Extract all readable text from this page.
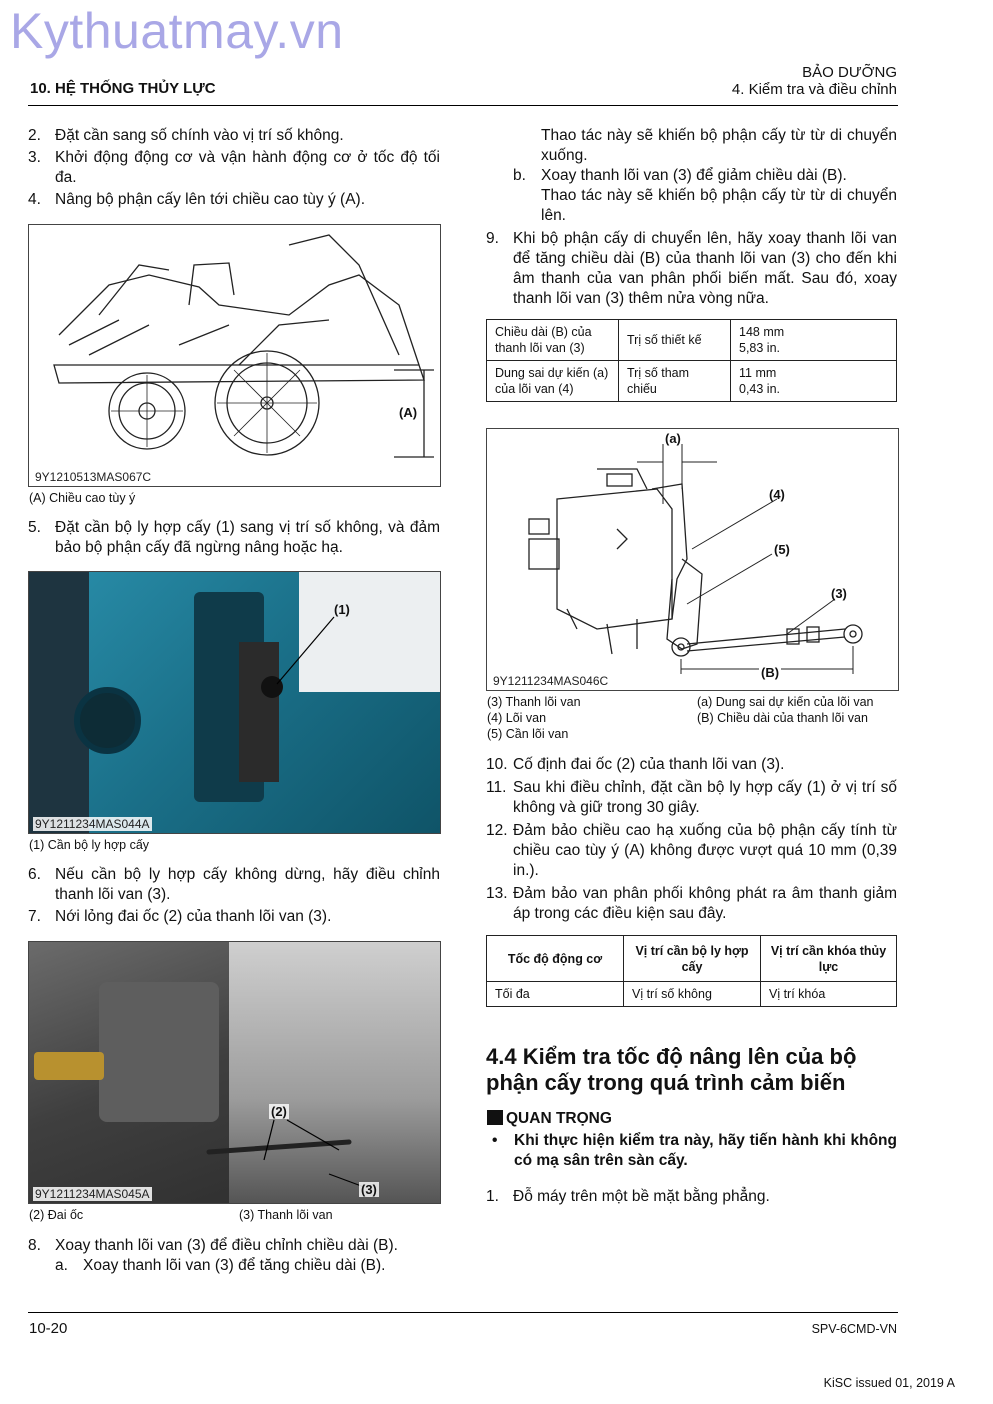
Kythuatmay.vn
10. HỆ THỐNG THỦY LỰC
BẢO DƯỠNG
4. Kiểm tra và điều chỉnh
2. Đặt cần sang số chính vào vị trí số không.
3. Khởi động động cơ và vận hành động cơ ở tốc độ tối đa.
4. Nâng bộ phận cấy lên tới chiều cao tùy ý (A).
(A)
9Y1210513MAS067C
(A) Chiều cao tùy ý
5. Đặt cần bộ ly hợp cấy (1) sang vị trí số không, và đảm bảo bộ phận cấy đã ngừng nâng hoặc hạ.
(1)
9Y1211234MAS044A
(1) Cần bộ ly hợp cấy
6. Nếu cần bộ ly hợp cấy không dừng, hãy điều chỉnh thanh lõi van (3).
7. Nới lỏng đai ốc (2) của thanh lõi van (3).
(2)
(3)
9Y1211234MAS045A
(2) Đai ốc	(3) Thanh lõi van
8. Xoay thanh lõi van (3) để điều chỉnh chiều dài (B).
a. Xoay thanh lõi van (3) để tăng chiều dài (B).
Thao tác này sẽ khiến bộ phận cấy từ từ di chuyển xuống.
b. Xoay thanh lõi van (3) để giảm chiều dài (B).
Thao tác này sẽ khiến bộ phận cấy từ từ di chuyển lên.
9. Khi bộ phận cấy di chuyển lên, hãy xoay thanh lõi van để tăng chiều dài (B) của thanh lõi van (3) cho đến khi âm thanh của van phân phối biến mất. Sau đó, xoay thanh lõi van (3) thêm nửa vòng nữa.
Chiều dài (B) của thanh lõi van (3)	Trị số thiết kế	148 mm
5,83 in.
Dung sai dự kiến (a) của lõi van (4)	Trị số tham chiếu	11 mm
0,43 in.
(a)
(4)
(5)
(3)
(B)
9Y1211234MAS046C
(3) Thanh lõi van
(4) Lõi van
(5) Cần lõi van
(a) Dung sai dự kiến của lõi van
(B) Chiều dài của thanh lõi van
10. Cố định đai ốc (2) của thanh lõi van (3).
11. Sau khi điều chỉnh, đặt cần bộ ly hợp cấy (1) ở vị trí số không và giữ trong 30 giây.
12. Đảm bảo chiều cao hạ xuống của bộ phận cấy tính từ chiều cao tùy ý (A) không được vượt quá 10 mm (0,39 in.).
13. Đảm bảo van phân phối không phát ra âm thanh giảm áp trong các điều kiện sau đây.
Tốc độ động cơ	Vị trí cần bộ ly hợp cấy	Vị trí cần khóa thủy lực
Tối đa	Vị trí số không	Vị trí khóa
4.4 Kiểm tra tốc độ nâng lên của bộ phận cấy trong quá trình cảm biến
QUAN TRỌNG
• Khi thực hiện kiểm tra này, hãy tiến hành khi không có mạ sân trên sàn cấy.
1. Đỗ máy trên một bề mặt bằng phẳng.
10-20	SPV-6CMD-VN
KiSC issued 01, 2019 A
